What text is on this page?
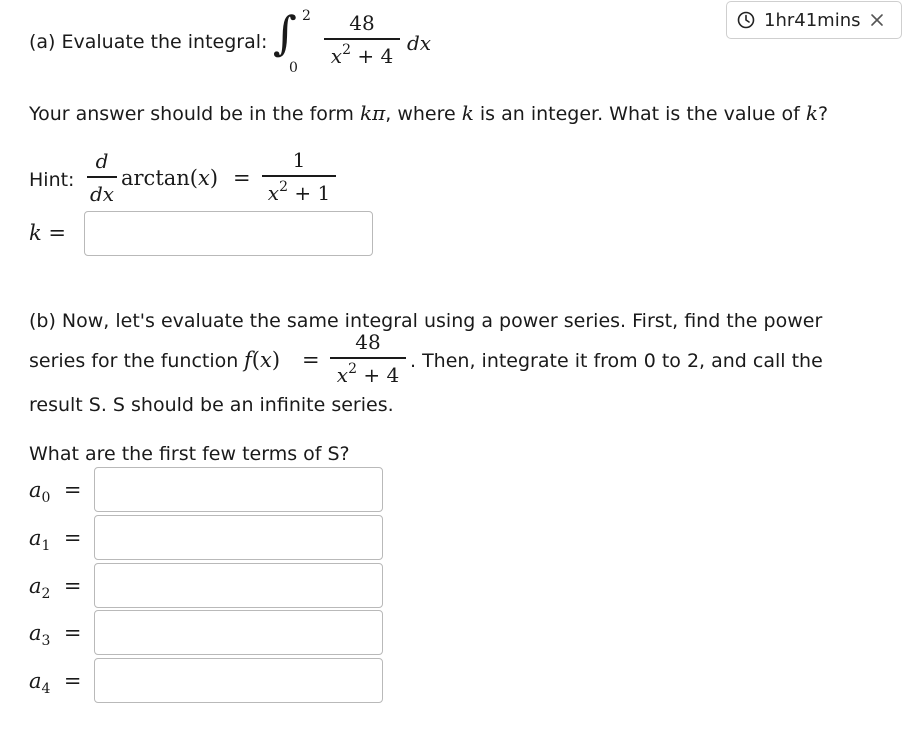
1hr41mins
(a) Evaluate the integral: ∫ 2
0
48
$x^2 + 4$
dx
Your answer should be in the form kπ, where k is an integer. What is the value of k?
Hint:
d
dx
arctan(x) =
1
$x^2 + 1$
k =
(b) Now, let's evaluate the same integral using a power series. First, find the power
series for the function f(x) =
48
$x^2 + 4$
. Then, integrate it from 0 to 2, and call the
result S. S should be an infinite series.
What are the first few terms of S?
$a_0$ =
$a_1$ =
$a_2$ =
$a_3$ =
$a_4$ =
